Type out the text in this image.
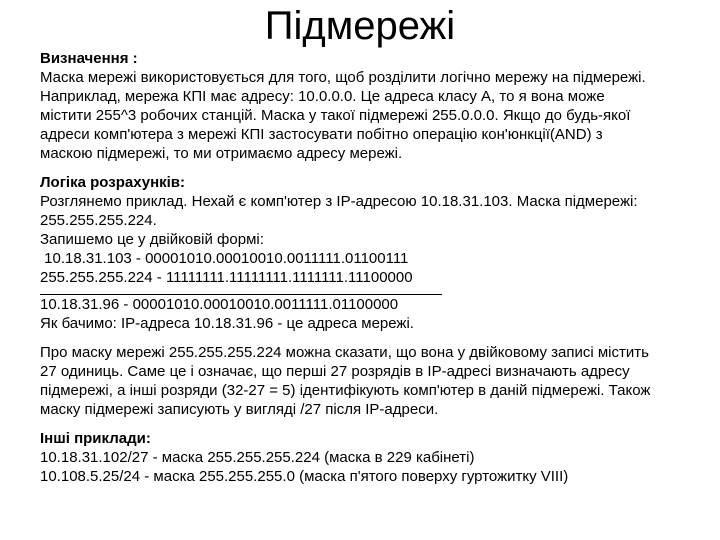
Підмережі
Визначення :
Маска мережі використовується для того, щоб розділити логічно мережу на підмережі.
Наприклад, мережа КПІ має адресу: 10.0.0.0. Це адреса класу А, то я вона може
містити 255^3 робочих станцій. Маска у такої підмережі 255.0.0.0. Якщо до будь-якої
адреси комп'ютера з мережі КПІ застосувати побітно операцію кон'юнкції(AND) з
маскою підмережі, то ми отримаємо адресу мережі.
Логіка розрахунків:
Розглянемо приклад. Нехай є комп'ютер з IP-адресою 10.18.31.103. Маска підмережі:
255.255.255.224.
Запишемо це у двійковій формі:
10.18.31.103 - 00001010.00010010.0011111.01100111
255.255.255.224 - 11111111.11111111.1111111.11100000
10.18.31.96 - 00001010.00010010.0011111.01100000
Як бачимо: IP-адреса 10.18.31.96 - це адреса мережі.
Про маску мережі 255.255.255.224 можна сказати, що вона у двійковому записі містить
27 одиниць. Саме це і означає, що перші 27 розрядів в IP-адресі визначають адресу
підмережі, а інші розряди (32-27 = 5) ідентифікують комп'ютер в даній підмережі. Також
маску підмережі записують у вигляді /27 після IP-адреси.
Інші приклади:
10.18.31.102/27 - маска 255.255.255.224 (маска в 229 кабінеті)
10.108.5.25/24 - маска 255.255.255.0 (маска п'ятого поверху гуртожитку VIII)
